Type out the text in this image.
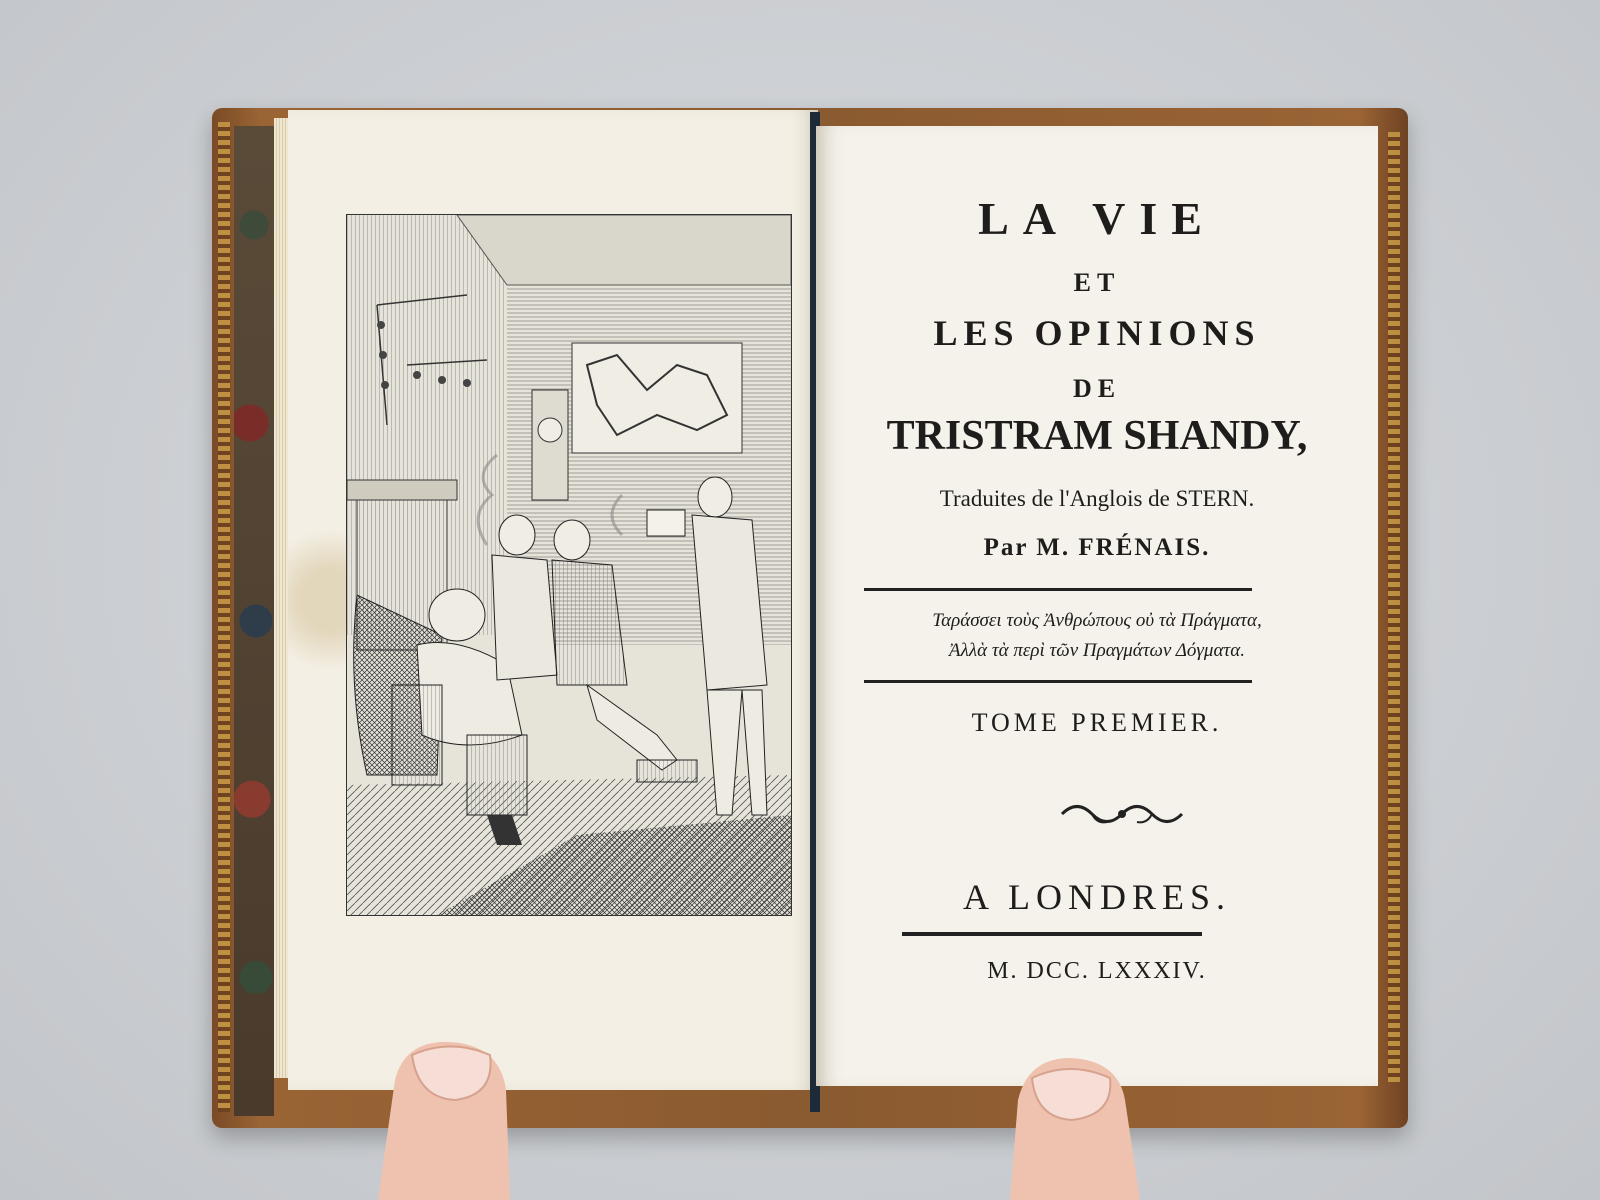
LA VIE
ET
LES OPINIONS
DE
TRISTRAM SHANDY,
Traduites de l'Anglois de STERN.
Par M. FRÉNAIS.
Ταράσσει τοὺς Ἀνθρώπους οὐ τὰ Πράγματα,
Ἀλλὰ τὰ περὶ τῶν Πραγμάτων Δόγματα.
TOME PREMIER.
A LONDRES.
M. DCC. LXXXIV.
